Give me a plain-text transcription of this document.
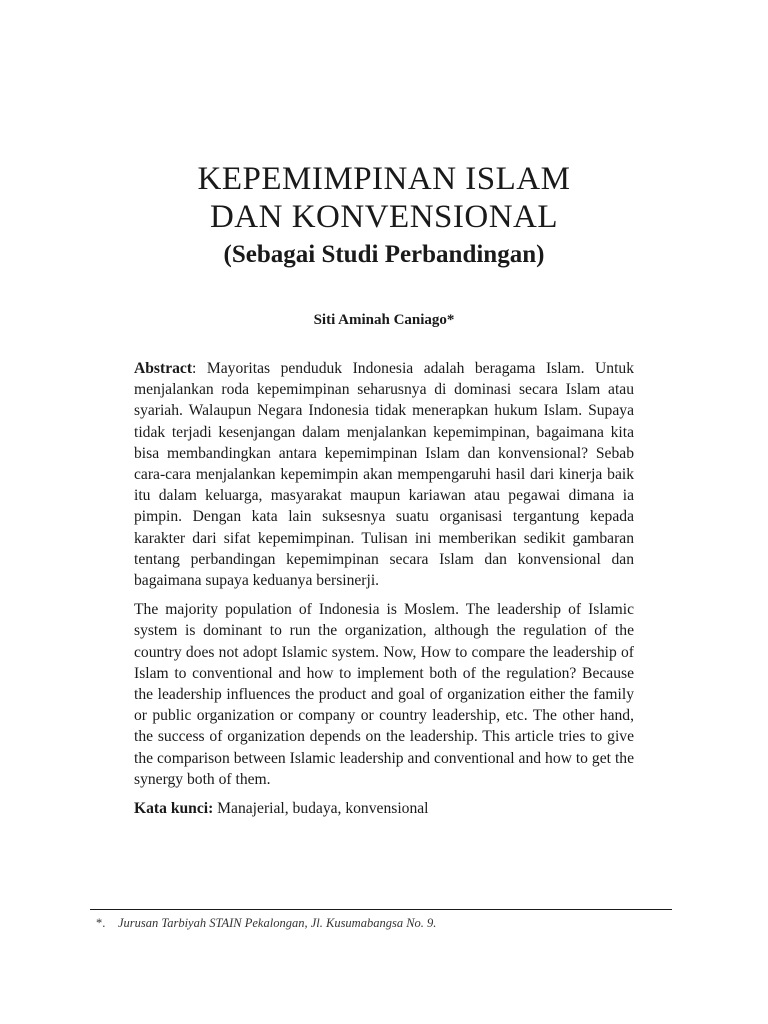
KEPEMIMPINAN ISLAM
DAN KONVENSIONAL
(Sebagai Studi Perbandingan)
Siti Aminah Caniago*

Abstract: Mayoritas penduduk Indonesia adalah beragama Islam. Untuk menjalankan roda kepemimpinan seharusnya di dominasi secara Islam atau syariah. Walaupun Negara Indonesia tidak menerapkan hukum Islam. Supaya tidak terjadi kesenjangan dalam menjalankan kepemimpinan, bagaimana kita bisa membandingkan antara kepemimpinan Islam dan konvensional? Sebab cara-cara menjalankan kepemimpin akan mempengaruhi hasil dari kinerja baik itu dalam keluarga, masyarakat maupun kariawan atau pegawai dimana ia pimpin. Dengan kata lain suksesnya suatu organisasi tergantung kepada karakter dari sifat kepemimpinan. Tulisan ini memberikan sedikit gambaran tentang perbandingan kepemimpinan secara Islam dan konvensional dan bagaimana supaya keduanya bersinerji.

The majority population of Indonesia is Moslem. The leadership of Islamic system is dominant to run the organization, although the regulation of the country does not adopt Islamic system. Now, How to compare the leadership of Islam to conventional and how to implement both of the regulation? Because the leadership influences the product and goal of organization either the family or public organization or company or country leadership, etc. The other hand, the success of organization depends on the leadership. This article tries to give the comparison between Islamic leadership and conventional and how to get the synergy both of them.

Kata kunci: Manajerial, budaya, konvensional

*. Jurusan Tarbiyah STAIN Pekalongan, Jl. Kusumabangsa No. 9.
